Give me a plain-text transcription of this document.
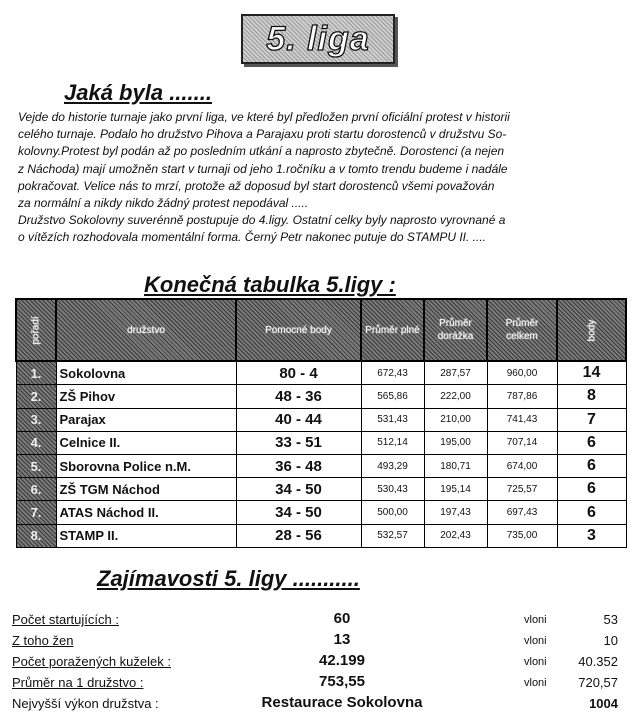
5. liga
Jaká byla .......
Vejde do historie turnaje jako první liga, ve které byl předložen první oficiální protest v historii
celého turnaje. Podalo ho družstvo Pihova a Parajaxu proti startu dorostenců v družstvu So-
kolovny.Protest byl podán až po posledním utkání a naprosto zbytečně. Dorostenci (a nejen
z Náchoda) mají umožněn start v turnaji od jeho 1.ročníku a v tomto trendu budeme i nadále
pokračovat. Velice nás to mrzí, protože až doposud byl start dorostenců všemi považován
za normální a nikdy nikdo žádný protest nepodával .....
Družstvo Sokolovny suverénně postupuje do 4.ligy. Ostatní celky byly naprosto vyrovnané a
o vítězích rozhodovala momentální forma. Černý Petr nakonec putuje do STAMPU II. ....
Konečná tabulka 5.ligy :
pořadí	družstvo	Pomocné body	Průměr plné	Průměr dorážka	Průměr celkem	body
1.	Sokolovna	80 - 4	672,43	287,57	960,00	14
2.	ZŠ Pihov	48 - 36	565,86	222,00	787,86	8
3.	Parajax	40 - 44	531,43	210,00	741,43	7
4.	Celnice II.	33 - 51	512,14	195,00	707,14	6
5.	Sborovna Police n.M.	36 - 48	493,29	180,71	674,00	6
6.	ZŠ TGM Náchod	34 - 50	530,43	195,14	725,57	6
7.	ATAS Náchod II.	34 - 50	500,00	197,43	697,43	6
8.	STAMP II.	28 - 56	532,57	202,43	735,00	3
Zajímavosti 5. ligy ...........
Počet startujících :	60	vloni	53
Z toho žen	13	vloni	10
Počet poražených kuželek :	42.199	vloni 40.352
Průměr na 1 družstvo :	753,55	vloni 720,57
Nejvyšší výkon družstva :	Restaurace Sokolovna	1004
